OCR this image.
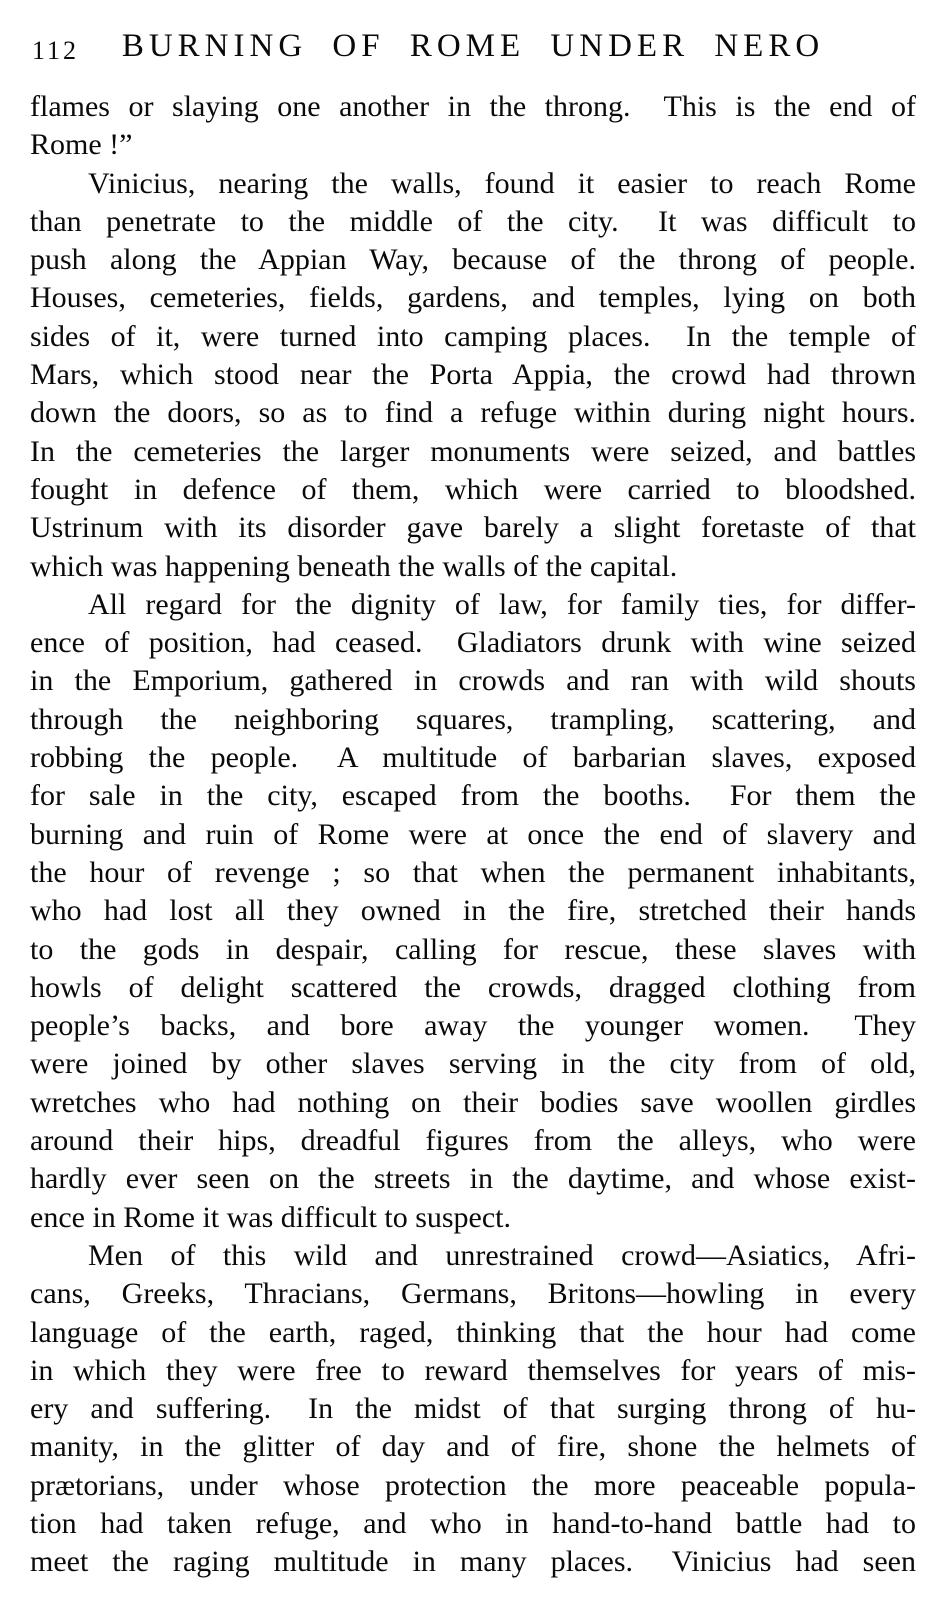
112	BURNING OF ROME UNDER NERO
flames or slaying one another in the throng.  This is the end of
Rome !”
Vinicius, nearing the walls, found it easier to reach Rome
than penetrate to the middle of the city.  It was difficult to
push along the Appian Way, because of the throng of people.
Houses, cemeteries, fields, gardens, and temples, lying on both
sides of it, were turned into camping places.  In the temple of
Mars, which stood near the Porta Appia, the crowd had thrown
down the doors, so as to find a refuge within during night hours.
In the cemeteries the larger monuments were seized, and battles
fought in defence of them, which were carried to bloodshed.
Ustrinum with its disorder gave barely a slight foretaste of that
which was happening beneath the walls of the capital.
All regard for the dignity of law, for family ties, for differ-
ence of position, had ceased.  Gladiators drunk with wine seized
in the Emporium, gathered in crowds and ran with wild shouts
through the neighboring squares, trampling, scattering, and
robbing the people.  A multitude of barbarian slaves, exposed
for sale in the city, escaped from the booths.  For them the
burning and ruin of Rome were at once the end of slavery and
the hour of revenge ; so that when the permanent inhabitants,
who had lost all they owned in the fire, stretched their hands
to the gods in despair, calling for rescue, these slaves with
howls of delight scattered the crowds, dragged clothing from
people’s backs, and bore away the younger women.  They
were joined by other slaves serving in the city from of old,
wretches who had nothing on their bodies save woollen girdles
around their hips, dreadful figures from the alleys, who were
hardly ever seen on the streets in the daytime, and whose exist-
ence in Rome it was difficult to suspect.
Men of this wild and unrestrained crowd—Asiatics, Afri-
cans, Greeks, Thracians, Germans, Britons—howling in every
language of the earth, raged, thinking that the hour had come
in which they were free to reward themselves for years of mis-
ery and suffering.  In the midst of that surging throng of hu-
manity, in the glitter of day and of fire, shone the helmets of
prætorians, under whose protection the more peaceable popula-
tion had taken refuge, and who in hand-to-hand battle had to
meet the raging multitude in many places.  Vinicius had seen
